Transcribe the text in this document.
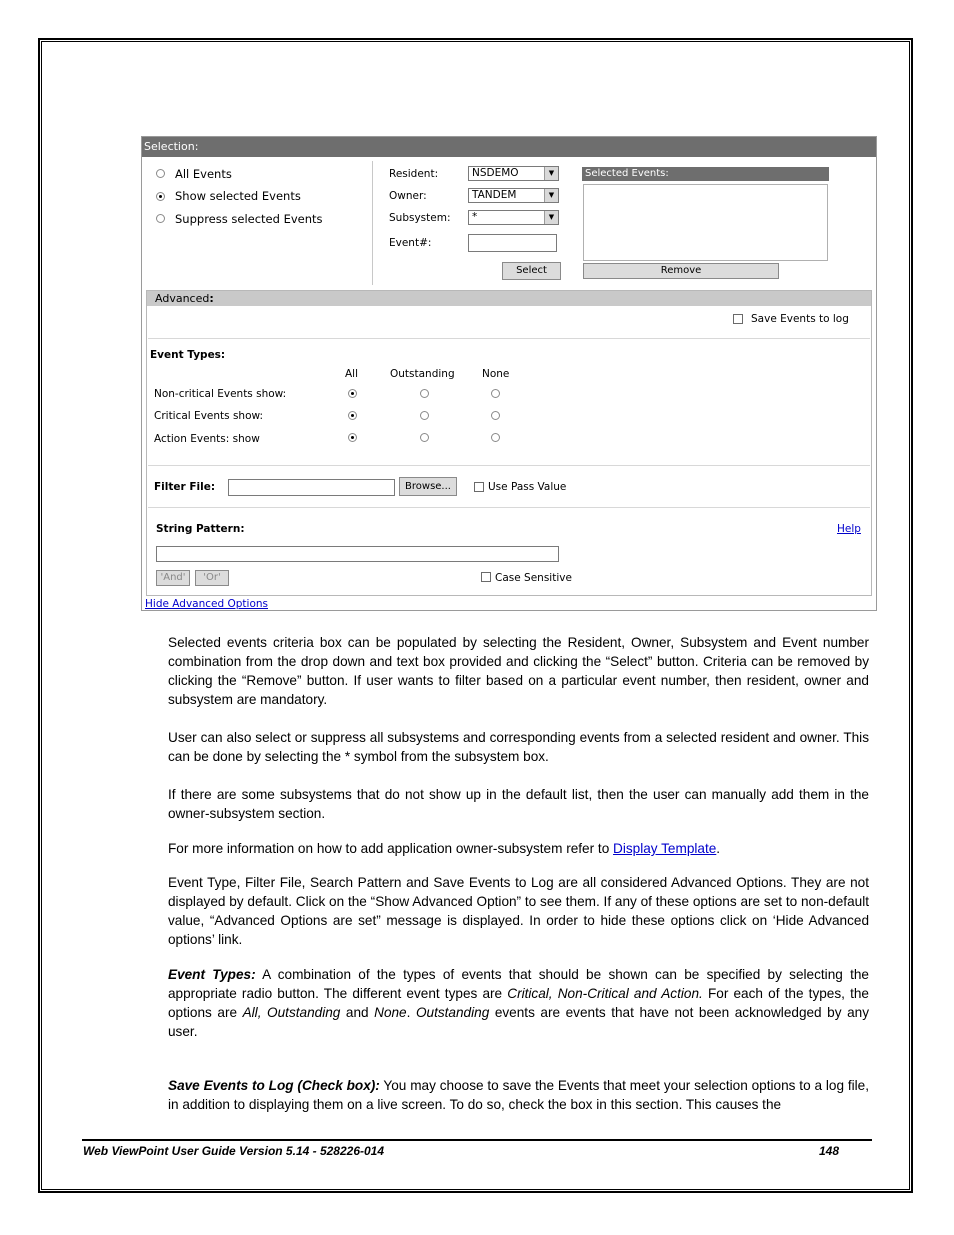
Selection:
All Events
Show selected Events
Suppress selected Events
Resident:	NSDEMO	▼
Owner:	TANDEM	▼
Subsystem:	*	▼
Event#:
Select
Selected Events:
Remove
Advanced:
Save Events to log
Event Types:
All	Outstanding	None
Non-critical Events show:
Critical Events show:
Action Events: show
Filter File:	Browse...	Use Pass Value
String Pattern:	Help
'And'	'Or'	Case Sensitive
Hide Advanced Options
Selected events criteria box can be populated by selecting the Resident, Owner, Subsystem and Event number combination from the drop down and text box provided and clicking the “Select” button. Criteria can be removed by clicking the “Remove” button. If user wants to filter based on a particular event number, then resident, owner and subsystem are mandatory.
User can also select or suppress all subsystems and corresponding events from a selected resident and owner. This can be done by selecting the * symbol from the subsystem box.
If there are some subsystems that do not show up in the default list, then the user can manually add them in the owner-subsystem section.
For more information on how to add application owner-subsystem refer to Display Template.
Event Type, Filter File, Search Pattern and Save Events to Log are all considered Advanced Options. They are not displayed by default. Click on the “Show Advanced Option” to see them. If any of these options are set to non-default value, “Advanced Options are set” message is displayed. In order to hide these options click on ‘Hide Advanced options’ link.
Event Types: A combination of the types of events that should be shown can be specified by selecting the appropriate radio button. The different event types are Critical, Non-Critical and Action. For each of the types, the options are All, Outstanding and None. Outstanding events are events that have not been acknowledged by any user.
Save Events to Log (Check box): You may choose to save the Events that meet your selection options to a log file, in addition to displaying them on a live screen. To do so, check the box in this section. This causes the
Web ViewPoint User Guide Version 5.14 - 528226-014	148
